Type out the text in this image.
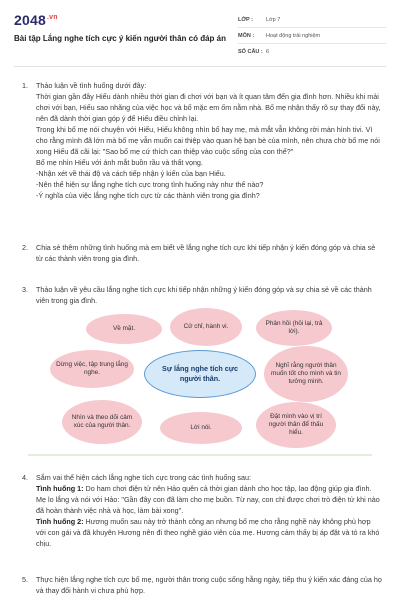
$2048^{.vn}$
Bài tập Lắng nghe tích cực ý kiến người thân có đáp án
LỚP :	Lớp 7
MÔN :	Hoạt động trải nghiệm
SỐ CÂU : 6
1.	Thảo luận về tình huống dưới đây:

Thời gian gần đây Hiếu dành nhiều thời gian đi chơi với bạn và ít quan tâm đến gia đình hơn. Nhiều khi mải chơi với bạn, Hiếu sao nhãng của việc học và bố mặc em ốm nằm nhà. Bố mẹ nhận thấy rõ sự thay đổi này, nên đã dành thời gian góp ý để Hiếu điều chỉnh lại.

Trong khi bố mẹ nói chuyện với Hiếu, Hiếu không nhìn bố hay mẹ, mà mắt vẫn không rời màn hình tivi. Vì cho rằng mình đã lớn mà bố mẹ vẫn muốn cai thiệp vào quan hệ bạn bè của mình, nên chưa chờ bố mẹ nói xong Hiếu đã cãi lại: "Sao bố mẹ cứ thích can thiệp vào cuộc sống của con thế?"

Bố mẹ nhìn Hiếu với ánh mắt buồn rầu và thất vọng.

-Nhận xét về thái độ và cách tiếp nhận ý kiến của bạn Hiếu.

-Nên thể hiện sự lắng nghe tích cực trong tình huống này như thế nào?

-Ý nghĩa của việc lắng nghe tích cực từ các thành viên trong gia đình?

2.	Chia sẻ thêm những tình huống mà em biết về lắng nghe tích cực khi tiếp nhận ý kiến đóng góp và chia sẻ từ các thành viên trong gia đình.

3.	Thảo luận về yêu cầu lắng nghe tích cực khi tiếp nhận những ý kiến đóng góp và sự chia sẻ về các thành viên trong gia đình.

Về mặt.	Cử chỉ, hành vi.	Phản hồi (hỏi lại, trả lời).
Dừng việc, tập trung lắng nghe.	Sự lắng nghe tích cực người thân.
Nghĩ rằng người thân muốn tốt cho mình và tin tưởng mình.
Nhìn và theo dõi cảm xúc của người thân.	Lời nói.
Đặt mình vào vị trí người thân để thấu hiểu.
4.	Sắm vai thể hiện cách lắng nghe tích cực trong các tình huống sau:

Tình huống 1: Do ham chơi điện tử nên Hảo quên cả thời gian dành cho học tập, lao động giúp gia đình. Mẹ lo lắng và nói với Hảo: "Gần đây con đã làm cho mẹ buồn. Từ nay, con chỉ được chơi trò điện tử khi nào đã hoàn thành việc nhà và học, làm bài xong".

Tình huống 2: Hương muốn sau này trở thành công an nhưng bố mẹ cho rằng nghề này không phù hợp với con gái và đã khuyên Hương nên đi theo nghề giáo viên của mẹ. Hương cảm thấy bị áp đặt và tỏ ra khó chịu.

5.	Thực hiện lắng nghe tích cực bố mẹ, người thân trong cuộc sống hằng ngày, tiếp thu ý kiến xác đáng của họ và thay đổi hành vi chưa phù hợp.
